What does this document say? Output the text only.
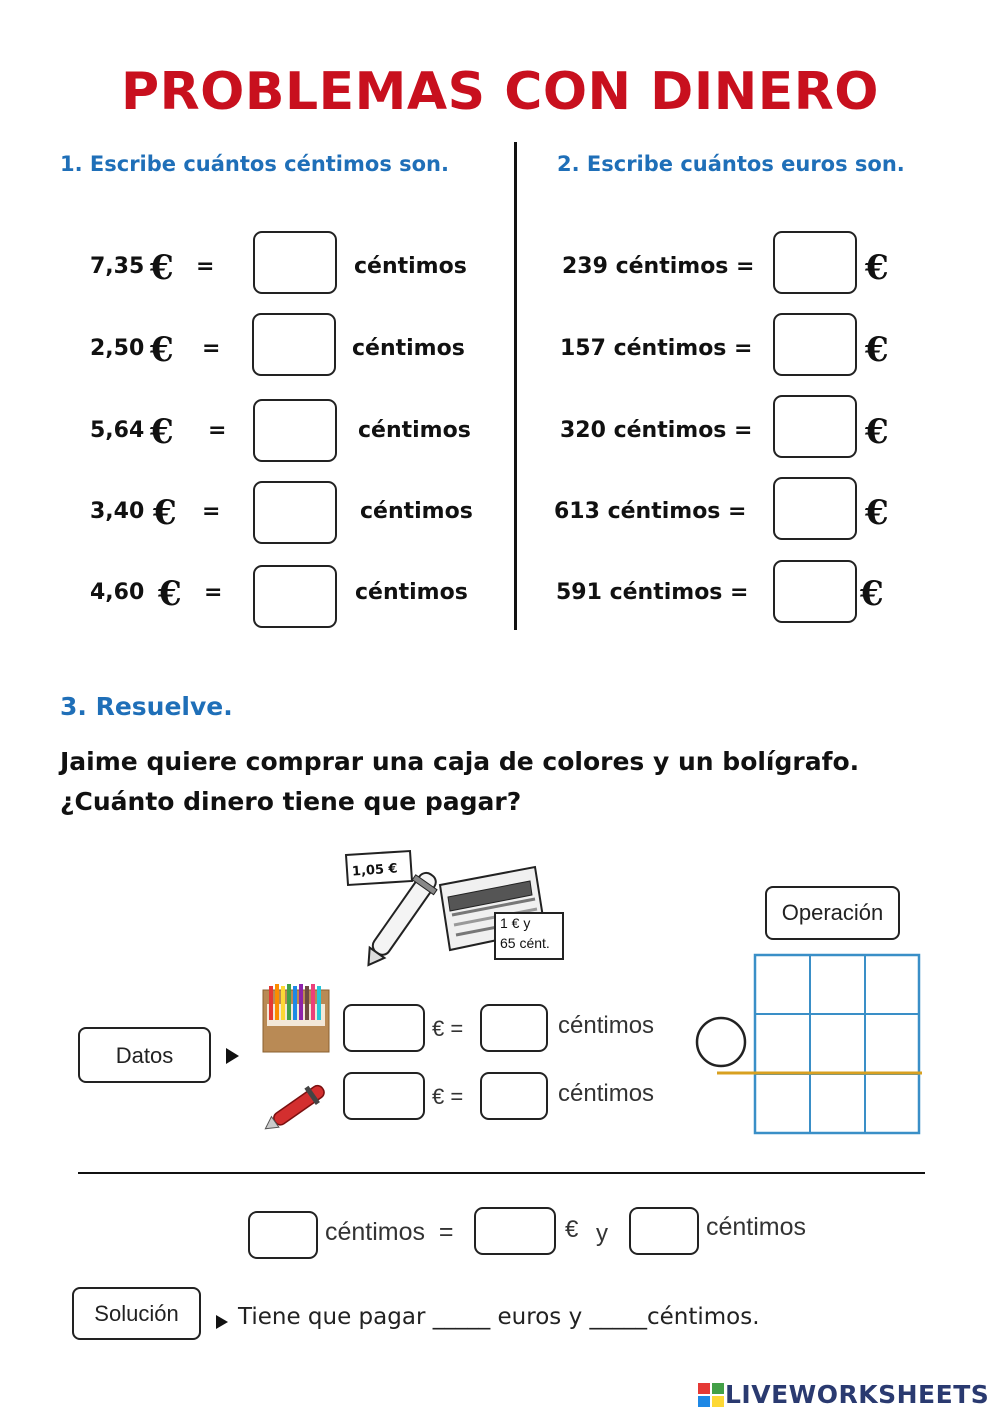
PROBLEMAS CON DINERO
1. Escribe cuántos céntimos son.	2. Escribe cuántos euros son.
7,35 € =	céntimos
2,50 € =	céntimos
5,64 € =	céntimos
3,40 € =	céntimos
4,60 € =	céntimos
239 céntimos =	€
157 céntimos =	€
320 céntimos =	€
613 céntimos =	€
591 céntimos =	€
3. Resuelve.
Jaime quiere comprar una caja de colores y un bolígrafo.
¿Cuánto dinero tiene que pagar?
1,05 €
1 € y
65 cént.
Operación
Datos
€ =	céntimos
€ =	céntimos
céntimos  =	€ y	céntimos
Solución	Tiene que pagar _____ euros y _____céntimos.
LIVEWORKSHEETS
